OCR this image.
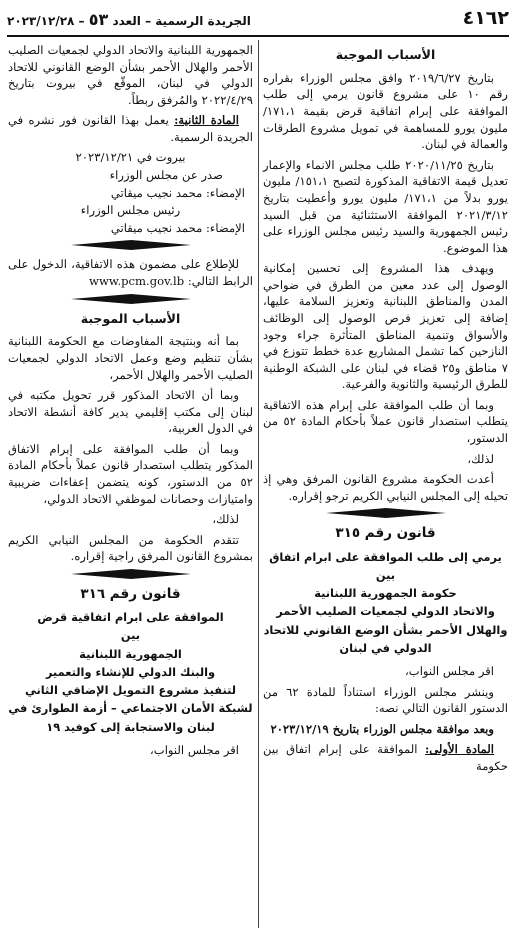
٤١٦٢
الجريدة الرسمية – العدد ٥٣ – ٢٠٢٣/١٢/٢٨
الأسباب الموجبة

بتاريخ ٢٠١٩/٦/٢٧ وافق مجلس الوزراء بقراره رقم ١٠ على مشروع قانون يرمي إلى طلب الموافقة على إبرام اتفاقية قرض بقيمة ١٧١،١/ مليون يورو للمساهمة في تمويل مشروع الطرقات والعمالة في لبنان.

بتاريخ ٢٠٢٠/١١/٢٥ طلب مجلس الانماء والإعمار تعديل قيمة الاتفاقية المذكورة لتصبح ١٥١،١/ مليون يورو بدلاً من ١٧١،١/ مليون يورو وأعطيت بتاريخ ٢٠٢١/٣/١٢ الموافقة الاستثنائية من قبل السيد رئيس الجمهورية والسيد رئيس مجلس الوزراء على هذا الموضوع.

ويهدف هذا المشروع إلى تحسين إمكانية الوصول إلى عدد معين من الطرق في ضواحي المدن والمناطق اللبنانية وتعزيز السلامة عليها، إضافة إلى تعزيز فرص الوصول إلى الوظائف والأسواق وتنمية المناطق المتأثرة جراء وجود النازحين كما تشمل المشاريع عدة خطط تتوزع في ٧ مناطق و٢٥ قضاء في لبنان على الشبكة الوطنية للطرق الرئيسية والثانوية والفرعية.

وبما أن طلب الموافقة على إبرام هذه الاتفاقية يتطلب استصدار قانون عملاً بأحكام المادة ٥٢ من الدستور،

لذلك،

أعدت الحكومة مشروع القانون المرفق وهي إذ تحيله إلى المجلس النيابي الكريم ترجو إقراره.

قانون رقم ٣١٥
يرمي إلى طلب الموافقة على ابرام اتفاق
بين
حكومة الجمهورية اللبنانية
والاتحاد الدولي لجمعيات الصليب الأحمر والهلال الأحمر بشأن الوضع القانوني للاتحاد الدولي في لبنان

اقر مجلس النواب،

وينشر مجلس الوزراء استناداً للمادة ٦٢ من الدستور القانون التالي نصه:

وبعد موافقة مجلس الوزراء بتاريخ ٢٠٢٣/١٢/١٩

المادة الأولى: الموافقة على إبرام اتفاق بين حكومة

الجمهورية اللبنانية والاتحاد الدولي لجمعيات الصليب الأحمر والهلال الأحمر بشأن الوضع القانوني للاتحاد الدولي في لبنان، الموقّع في بيروت بتاريخ ٢٠٢٢/٤/٢٩ والمُرفق ربطاً.

المادة الثانية: يعمل بهذا القانون فور نشره في الجريدة الرسمية.

بيروت في ٢٠٢٣/١٢/٢١

صدر عن مجلس الوزراء

الإمضاء: محمد نجيب ميقاتي

رئيس مجلس الوزراء

الإمضاء: محمد نجيب ميقاتي

للإطلاع على مضمون هذه الاتفاقية، الدخول على الرابط التالي: www.pcm.gov.lb

الأسباب الموجبة

بما أنه وبنتيجة المفاوضات مع الحكومة اللبنانية بشأن تنظيم وضع وعمل الاتحاد الدولي لجمعيات الصليب الأحمر والهلال الأحمر،

وبما أن الاتحاد المذكور قرر تحويل مكتبه في لبنان إلى مكتب إقليمي يدير كافة أنشطة الاتحاد في الدول العربية،

وبما أن طلب الموافقة على إبرام الاتفاق المذكور يتطلب استصدار قانون عملاً بأحكام المادة ٥٢ من الدستور، كونه يتضمن إعفاءات ضريبية وامتيازات وحصانات لموظفي الاتحاد الدولي،

لذلك،

تتقدم الحكومة من المجلس النيابي الكريم بمشروع القانون المرفق راجية إقراره.

قانون رقم ٣١٦
الموافقة على ابرام اتفاقية قرض
بين
الجمهورية اللبنانية
والبنك الدولي للإنشاء والتعمير
لتنفيذ مشروع التمويل الإضافي الثاني لشبكة الأمان الاجتماعي – أزمة الطوارئ في لبنان والاستجابة إلى كوفيد ١٩

اقر مجلس النواب،
